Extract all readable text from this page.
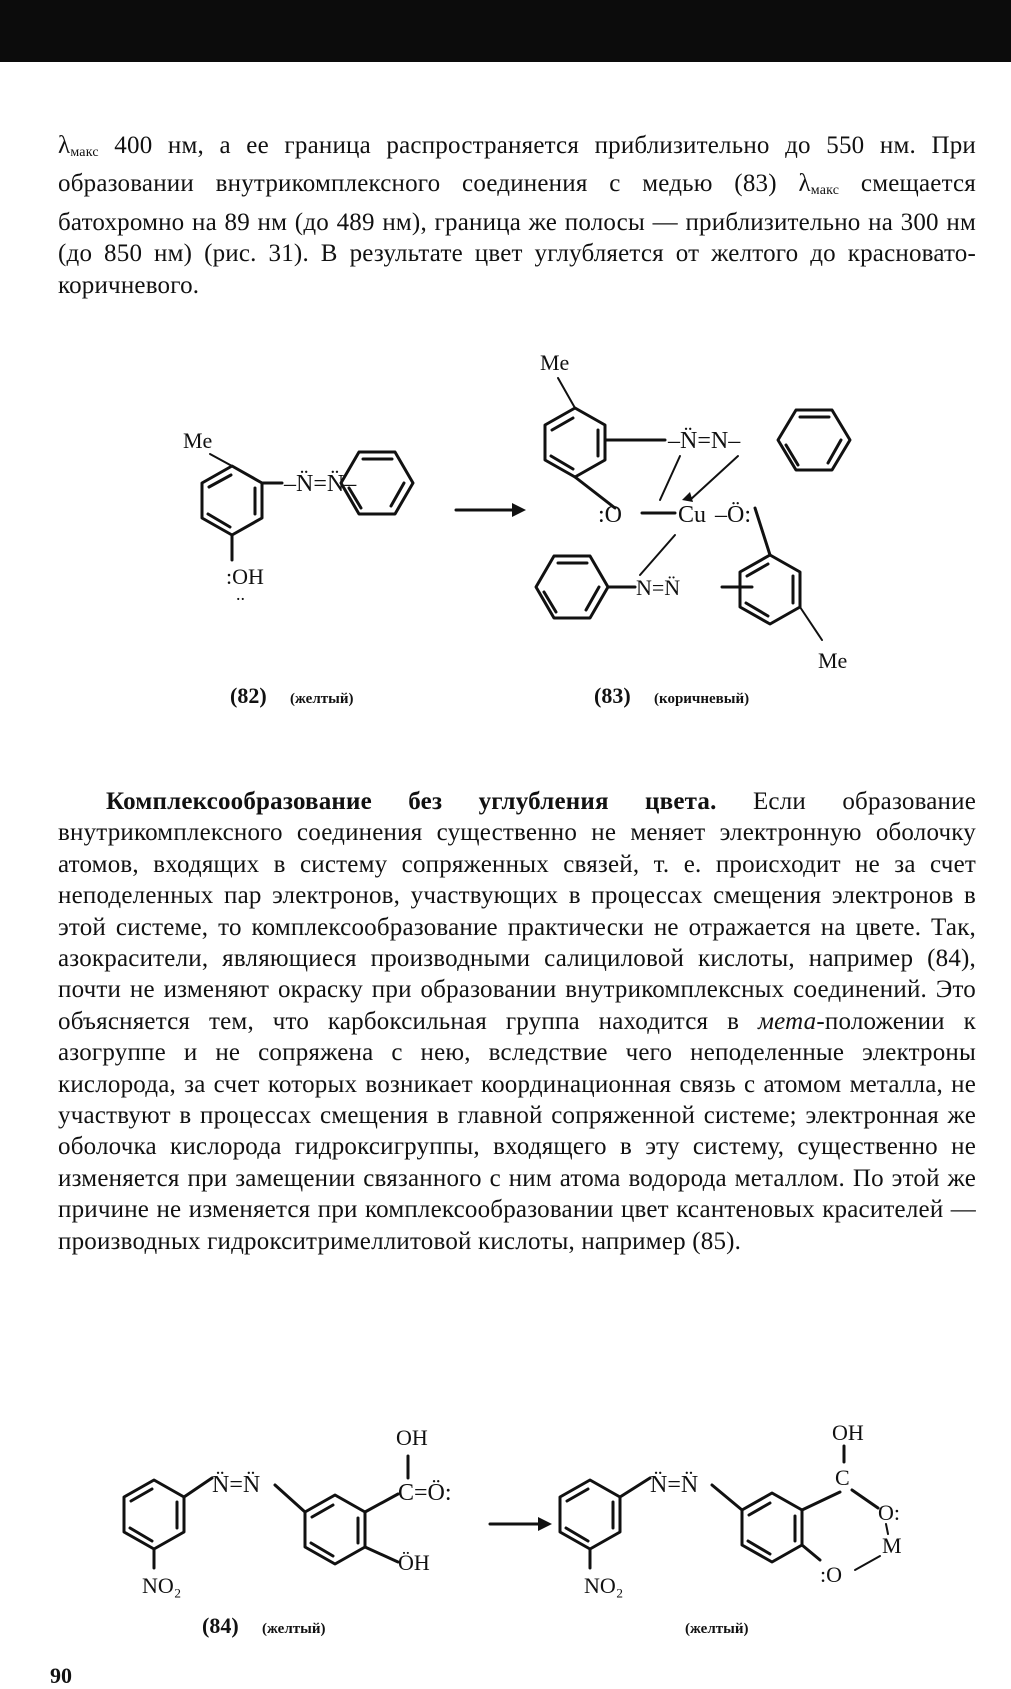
$\lambda_{макс}$ 400 нм, а ее граница распространяется приблизительно до 550 нм. При образовании внутрикомплексного соединения с медью (83) $\lambda_{макс}$ смещается батохромно на 89 нм (до 489 нм), граница же полосы — приблизительно на 300 нм (до 850 нм) (рис. 31). В результате цвет углубляется от желтого до красновато-коричневого.

Me
–N̈=N̈–
:OH
..
(82) (желтый)
Me
–N̈=N–
:O Cu –Ö:
N=N̈
Me
(83) (коричневый)

Комплексообразование без углубления цвета. Если образование внутрикомплексного соединения существенно не меняет электронную оболочку атомов, входящих в систему сопряженных связей, т. е. происходит не за счет неподеленных пар электронов, участвующих в процессах смещения электронов в этой системе, то комплексообразование практически не отражается на цвете. Так, азокрасители, являющиеся производными салициловой кислоты, например (84), почти не изменяют окраску при образовании внутрикомплексных соединений. Это объясняется тем, что карбоксильная группа находится в мета-положении к азогруппе и не сопряжена с нею, вследствие чего неподеленные электроны кислорода, за счет которых возникает координационная связь с атомом металла, не участвуют в процессах смещения в главной сопряженной системе; электронная же оболочка кислорода гидроксигруппы, входящего в эту систему, существенно не изменяется при замещении связанного с ним атома водорода металлом. По этой же причине не изменяется при комплексообразовании цвет ксантеновых красителей — производных гидрокситримеллитовой кислоты, например (85).

N̈=N̈
NO₂
C=Ö:
OH
ÖH
(84) (желтый)
N̈=N̈
NO₂
C
OH
O:
M
:O
(желтый)
90
